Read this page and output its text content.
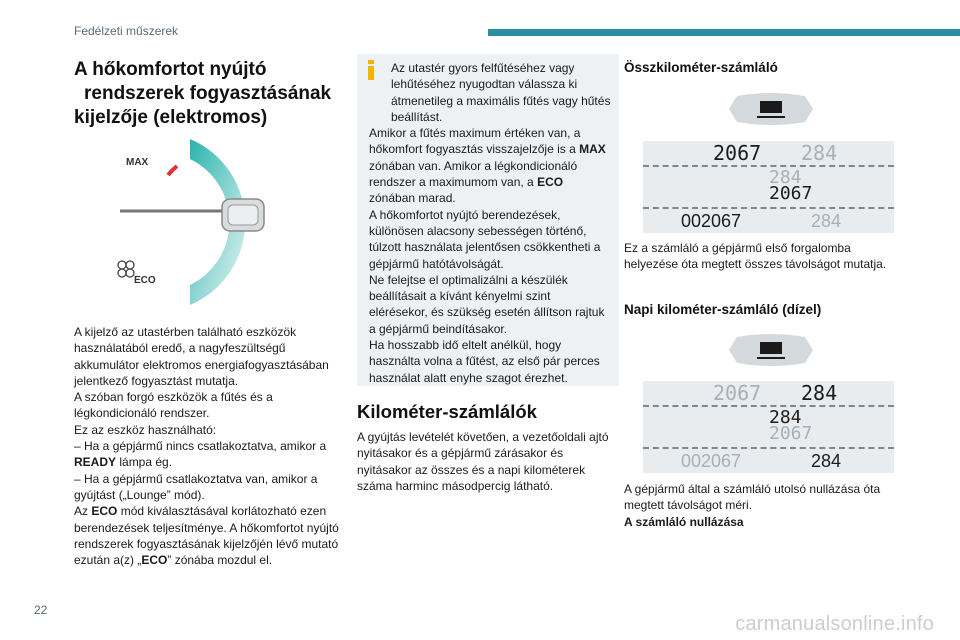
Fedélzeti műszerek
A hőkomfortot nyújtó
rendszerek fogyasztásának
kijelzője (elektromos)
MAX
ECO
A kijelző az utastérben található eszközök használatából eredő, a nagyfeszültségű akkumulátor elektromos energiafogyasztásában jelentkező fogyasztást mutatja.
A szóban forgó eszközök a fűtés és a légkondicionáló rendszer.
Ez az eszköz használható:
– Ha a gépjármű nincs csatlakoztatva, amikor a READY lámpa ég.
– Ha a gépjármű csatlakoztatva van, amikor a gyújtást („Lounge” mód).
Az ECO mód kiválasztásával korlátozható ezen berendezések teljesítménye. A hőkomfortot nyújtó rendszerek fogyasztásának kijelzőjén lévő mutató ezután a(z) „ECO” zónába mozdul el.
Az utastér gyors felfűtéséhez vagy lehűtéséhez nyugodtan válassza ki átmenetileg a maximális fűtés vagy hűtés beállítást.
Amikor a fűtés maximum értéken van, a hőkomfort fogyasztás visszajelzője is a MAX zónában van. Amikor a légkondicionáló rendszer a maximumom van, a ECO zónában marad.
A hőkomfortot nyújtó berendezések, különösen alacsony sebességen történő, túlzott használata jelentősen csökkentheti a gépjármű hatótávolságát.
Ne felejtse el optimalizálni a készülék beállításait a kívánt kényelmi szint elérésekor, és szükség esetén állítson rajtuk a gépjármű beindításakor.
Ha hosszabb idő eltelt anélkül, hogy használta volna a fűtést, az első pár perces használat alatt enyhe szagot érezhet.
Kilométer-számlálók
A gyújtás levételét követően, a vezetőoldali ajtó nyitásakor és a gépjármű zárásakor és nyitásakor az összes és a napi kilométerek száma harminc másodpercig látható.
Összkilométer-számláló
2067 284
284
2067
002067	284
Ez a számláló a gépjármű első forgalomba helyezése óta megtett összes távolságot mutatja.
Napi kilométer-számláló (dízel)
2067 284
284
2067
002067	284
A gépjármű által a számláló utolsó nullázása óta megtett távolságot méri.
A számláló nullázása
22
carmanualsonline.info
